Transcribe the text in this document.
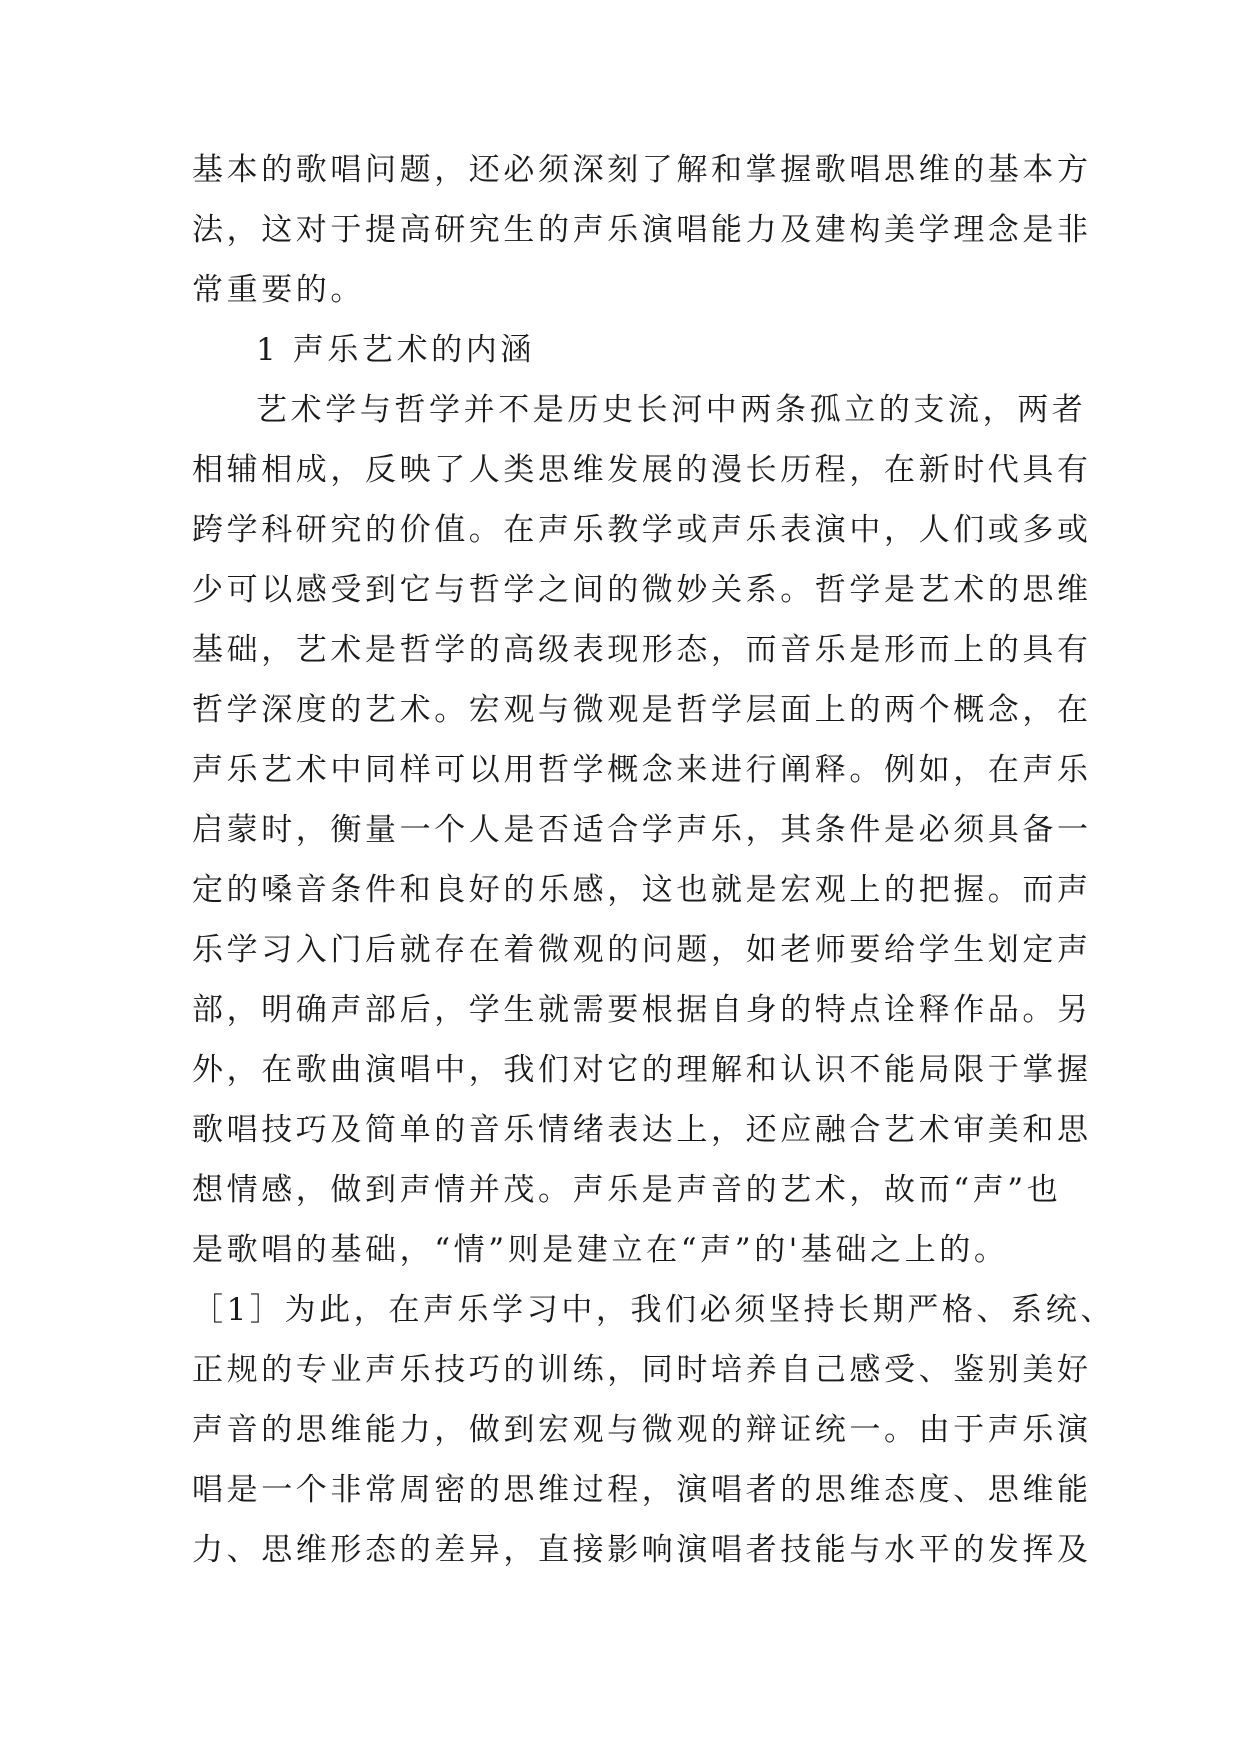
基本的歌唱问题，还必须深刻了解和掌握歌唱思维的基本方
法，这对于提高研究生的声乐演唱能力及建构美学理念是非
常重要的。
1 声乐艺术的内涵
艺术学与哲学并不是历史长河中两条孤立的支流，两者
相辅相成，反映了人类思维发展的漫长历程，在新时代具有
跨学科研究的价值。在声乐教学或声乐表演中，人们或多或
少可以感受到它与哲学之间的微妙关系。哲学是艺术的思维
基础，艺术是哲学的高级表现形态，而音乐是形而上的具有
哲学深度的艺术。宏观与微观是哲学层面上的两个概念，在
声乐艺术中同样可以用哲学概念来进行阐释。例如，在声乐
启蒙时，衡量一个人是否适合学声乐，其条件是必须具备一
定的嗓音条件和良好的乐感，这也就是宏观上的把握。而声
乐学习入门后就存在着微观的问题，如老师要给学生划定声
部，明确声部后，学生就需要根据自身的特点诠释作品。另
外，在歌曲演唱中，我们对它的理解和认识不能局限于掌握
歌唱技巧及简单的音乐情绪表达上，还应融合艺术审美和思
想情感，做到声情并茂。声乐是声音的艺术，故而“声”也
是歌唱的基础，“情”则是建立在“声”的'基础之上的。
［1］为此，在声乐学习中，我们必须坚持长期严格、系统、
正规的专业声乐技巧的训练，同时培养自己感受、鉴别美好
声音的思维能力，做到宏观与微观的辩证统一。由于声乐演
唱是一个非常周密的思维过程，演唱者的思维态度、思维能
力、思维形态的差异，直接影响演唱者技能与水平的发挥及
